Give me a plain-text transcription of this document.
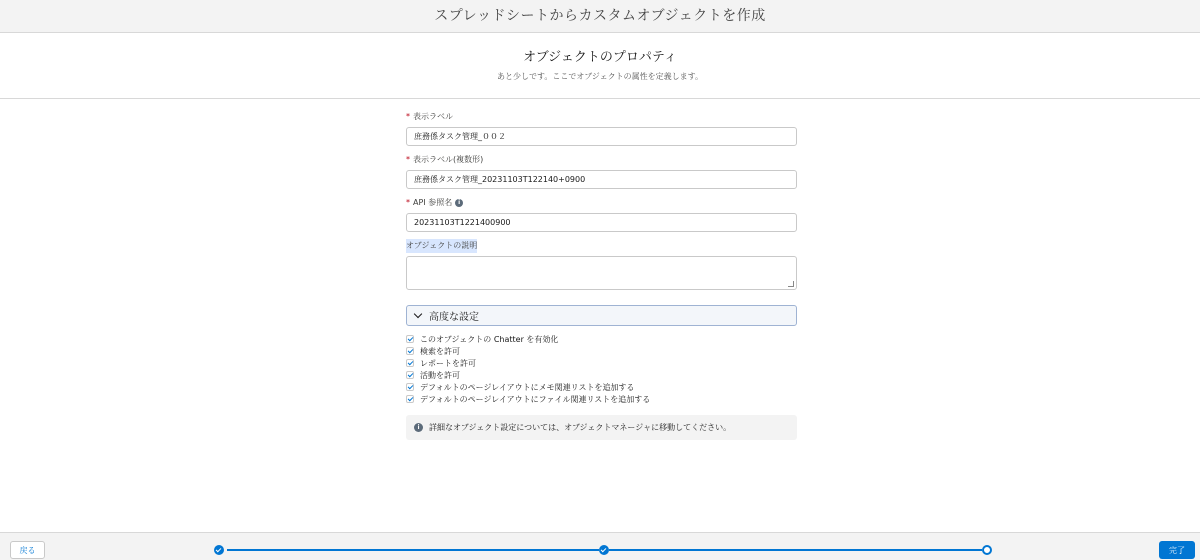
スプレッドシートからカスタムオブジェクトを作成
オブジェクトのプロパティ
あと少しです。ここでオブジェクトの属性を定義します。
* 表示ラベル
庶務係タスク管理_００２
* 表示ラベル(複数形)
庶務係タスク管理_20231103T122140+0900
* API 参照名 i
20231103T1221400900
オブジェクトの説明
高度な設定
このオブジェクトの Chatter を有効化
検索を許可
レポートを許可
活動を許可
デフォルトのページレイアウトにメモ関連リストを追加する
デフォルトのページレイアウトにファイル関連リストを追加する
i	詳細なオブジェクト設定については、オブジェクトマネージャに移動してください。
戻る	完了
